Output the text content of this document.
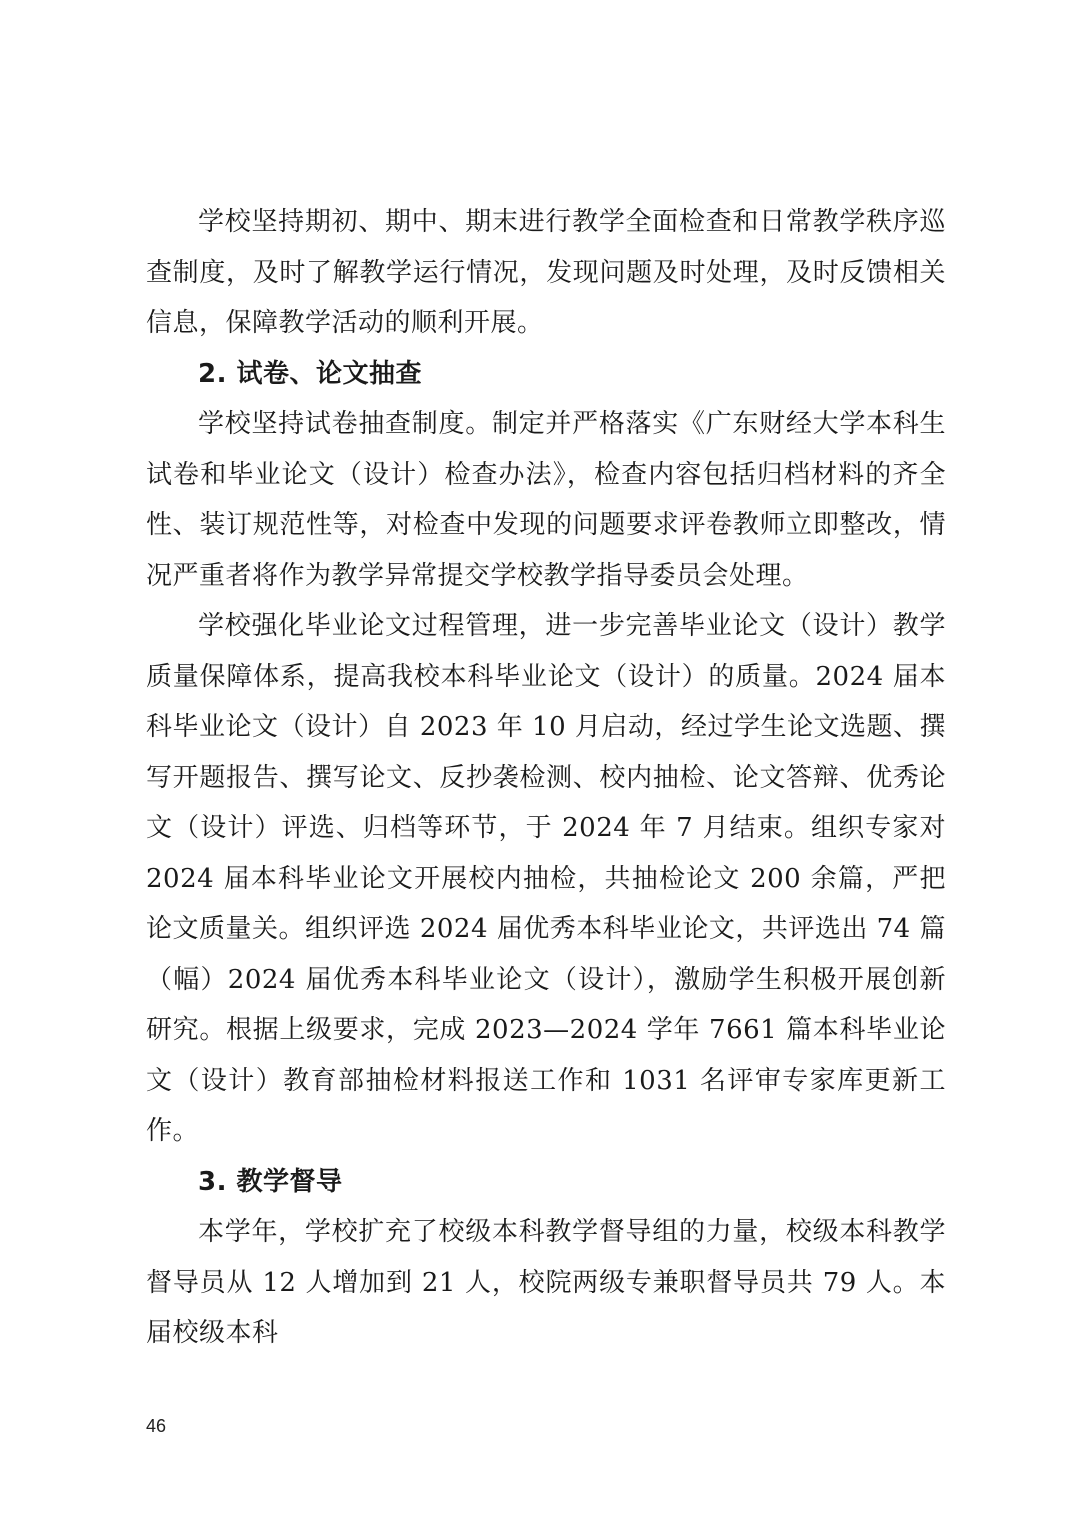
学校坚持期初、期中、期末进行教学全面检查和日常教学秩序巡查制度，及时了解教学运行情况，发现问题及时处理，及时反馈相关信息，保障教学活动的顺利开展。

2. 试卷、论文抽查

学校坚持试卷抽查制度。制定并严格落实《广东财经大学本科生试卷和毕业论文（设计）检查办法》，检查内容包括归档材料的齐全性、装订规范性等，对检查中发现的问题要求评卷教师立即整改，情况严重者将作为教学异常提交学校教学指导委员会处理。

学校强化毕业论文过程管理，进一步完善毕业论文（设计）教学质量保障体系，提高我校本科毕业论文（设计）的质量。2024 届本科毕业论文（设计）自 2023 年 10 月启动，经过学生论文选题、撰写开题报告、撰写论文、反抄袭检测、校内抽检、论文答辩、优秀论文（设计）评选、归档等环节，于 2024 年 7 月结束。组织专家对 2024 届本科毕业论文开展校内抽检，共抽检论文 200 余篇，严把论文质量关。组织评选 2024 届优秀本科毕业论文，共评选出 74 篇（幅）2024 届优秀本科毕业论文（设计），激励学生积极开展创新研究。根据上级要求，完成 2023—2024 学年 7661 篇本科毕业论文（设计）教育部抽检材料报送工作和 1031 名评审专家库更新工作。

3. 教学督导

本学年，学校扩充了校级本科教学督导组的力量，校级本科教学督导员从 12 人增加到 21 人，校院两级专兼职督导员共 79 人。本届校级本科

46
